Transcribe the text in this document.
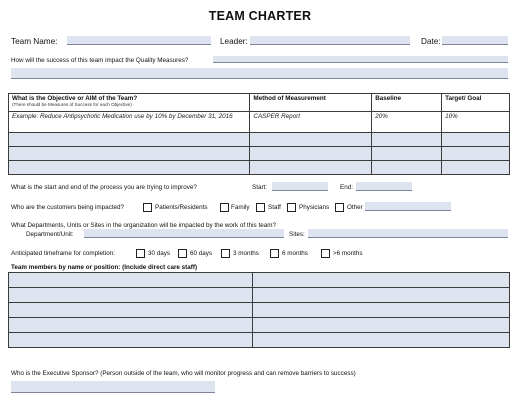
TEAM CHARTER
Team Name:	Leader:	Date:
How will the success of this team impact the Quality Measures?
What is the Objective or AIM of the Team?
(There should be Measures of Success for each Objective)	Method of Measurement	Baseline	Target/ Goal
Example: Reduce Antipsychotic Medication use by 10% by December 31, 2016	CASPER Report	20%	10%

What is the start and end of the process you are trying to improve?	Start:	End:
Who are the customers being impacted?	Patients/Residents	Family	Staff	Physicians	Other
What Departments, Units or Sites in the organization will be impacted by the work of this team?
Department/Unit:	Sites:
Anticipated timeframe for completion:	30 days	60 days	3 months	6 months	>6 months
Team members by name or position: (Include direct care staff)

Who is the Executive Sponsor? (Person outside of the team, who will monitor progress and can remove barriers to success)
